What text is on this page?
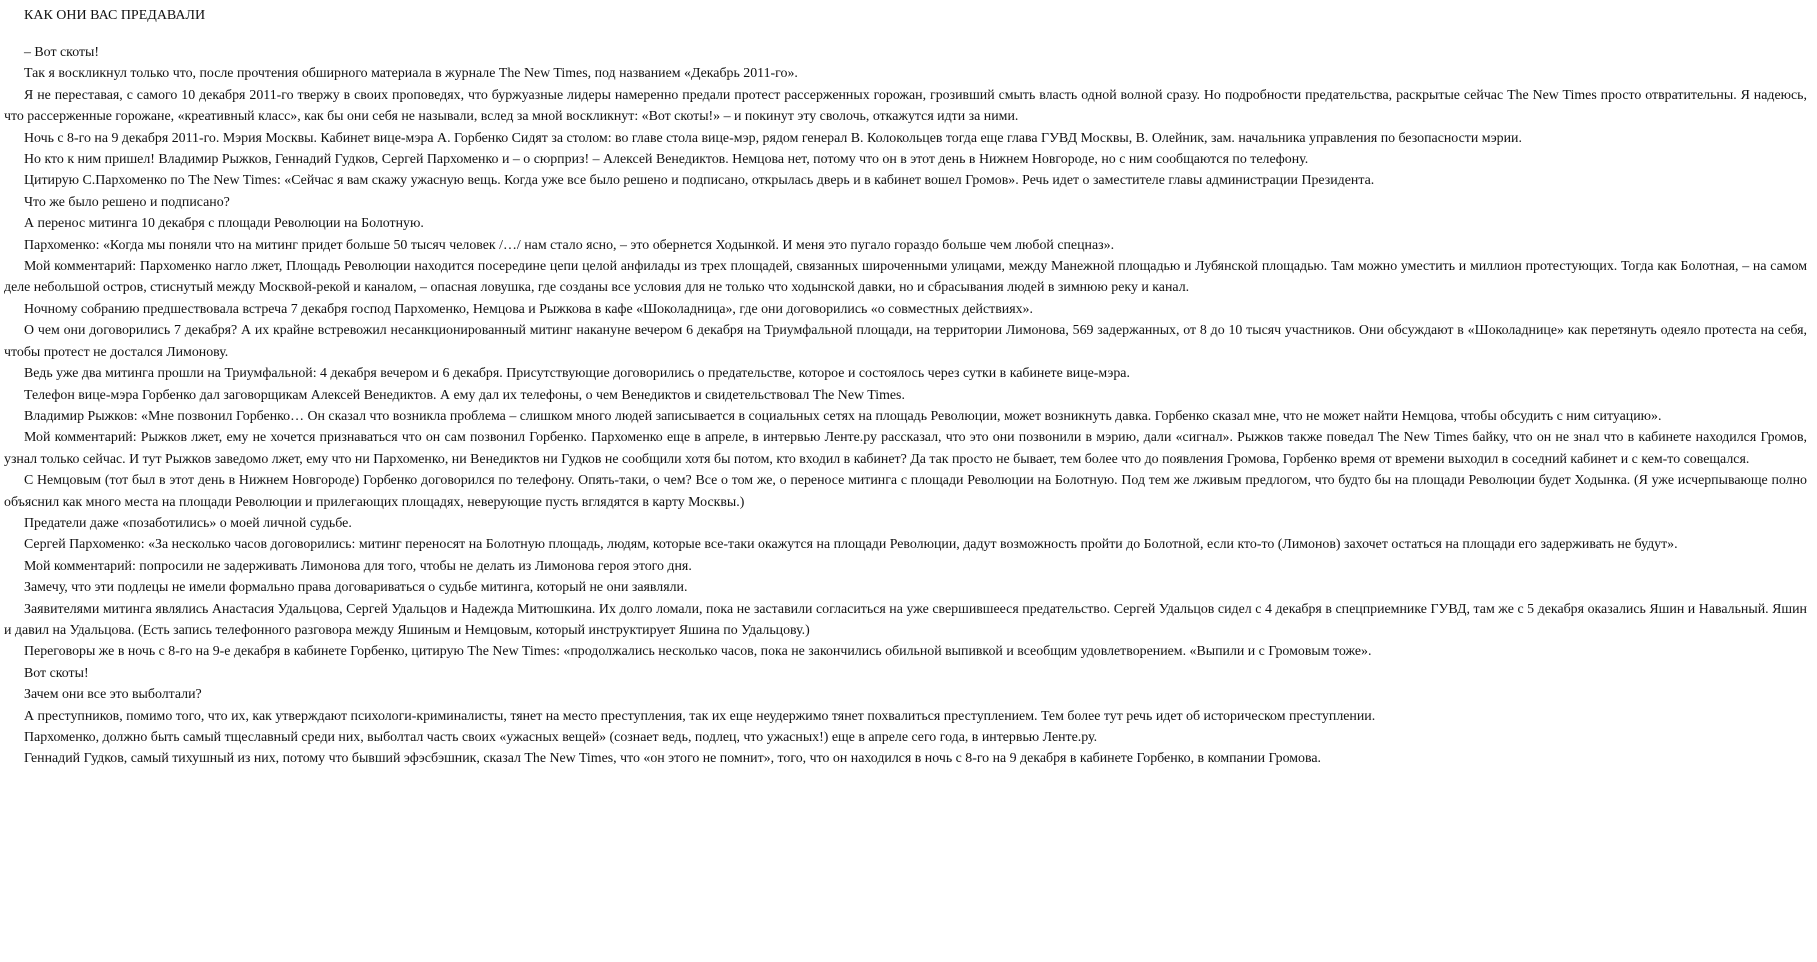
КАК ОНИ ВАС ПРЕДАВАЛИ

– Вот скоты!

Так я воскликнул только что, после прочтения обширного материала в журнале The New Times, под названием «Декабрь 2011-го».

Я не переставая, с самого 10 декабря 2011-го твержу в своих проповедях, что буржуазные лидеры намеренно предали протест рассерженных горожан, грозивший смыть власть одной волной сразу. Но подробности предательства, раскрытые сейчас The New Times просто отвратительны. Я надеюсь, что рассерженные горожане, «креативный класс», как бы они себя не называли, вслед за мной воскликнут: «Вот скоты!» – и покинут эту сволочь, откажутся идти за ними.

Ночь с 8-го на 9 декабря 2011-го. Мэрия Москвы. Кабинет вице-мэра А. Горбенко Сидят за столом: во главе стола вице-мэр, рядом генерал В. Колокольцев тогда еще глава ГУВД Москвы, В. Олейник, зам. начальника управления по безопасности мэрии.

Но кто к ним пришел! Владимир Рыжков, Геннадий Гудков, Сергей Пархоменко и – о сюрприз! – Алексей Венедиктов. Немцова нет, потому что он в этот день в Нижнем Новгороде, но с ним сообщаются по телефону.

Цитирую С.Пархоменко по The New Times: «Сейчас я вам скажу ужасную вещь. Когда уже все было решено и подписано, открылась дверь и в кабинет вошел Громов». Речь идет о заместителе главы администрации Президента.

Что же было решено и подписано?

А перенос митинга 10 декабря с площади Революции на Болотную.

Пархоменко: «Когда мы поняли что на митинг придет больше 50 тысяч человек /…/ нам стало ясно, – это обернется Ходынкой. И меня это пугало гораздо больше чем любой спецназ».

Мой комментарий: Пархоменко нагло лжет, Площадь Революции находится посередине цепи целой анфилады из трех площадей, связанных широченными улицами, между Манежной площадью и Лубянской площадью. Там можно уместить и миллион протестующих. Тогда как Болотная, – на самом деле небольшой остров, стиснутый между Москвой-рекой и каналом, – опасная ловушка, где созданы все условия для не только что ходынской давки, но и сбрасывания людей в зимнюю реку и канал.

Ночному собранию предшествовала встреча 7 декабря господ Пархоменко, Немцова и Рыжкова в кафе «Шоколадница», где они договорились «о совместных действиях».

О чем они договорились 7 декабря? А их крайне встревожил несанкционированный митинг накануне вечером 6 декабря на Триумфальной площади, на территории Лимонова, 569 задержанных, от 8 до 10 тысяч участников. Они обсуждают в «Шоколаднице» как перетянуть одеяло протеста на себя, чтобы протест не достался Лимонову.

Ведь уже два митинга прошли на Триумфальной: 4 декабря вечером и 6 декабря. Присутствующие договорились о предательстве, которое и состоялось через сутки в кабинете вице-мэра.

Телефон вице-мэра Горбенко дал заговорщикам Алексей Венедиктов. А ему дал их телефоны, о чем Венедиктов и свидетельствовал The New Times.

Владимир Рыжков: «Мне позвонил Горбенко… Он сказал что возникла проблема – слишком много людей записывается в социальных сетях на площадь Революции, может возникнуть давка. Горбенко сказал мне, что не может найти Немцова, чтобы обсудить с ним ситуацию».

Мой комментарий: Рыжков лжет, ему не хочется признаваться что он сам позвонил Горбенко. Пархоменко еще в апреле, в интервью Ленте.ру рассказал, что это они позвонили в мэрию, дали «сигнал». Рыжков также поведал The New Times байку, что он не знал что в кабинете находился Громов, узнал только сейчас. И тут Рыжков заведомо лжет, ему что ни Пархоменко, ни Венедиктов ни Гудков не сообщили хотя бы потом, кто входил в кабинет? Да так просто не бывает, тем более что до появления Громова, Горбенко время от времени выходил в соседний кабинет и с кем-то совещался.

С Немцовым (тот был в этот день в Нижнем Новгороде) Горбенко договорился по телефону. Опять-таки, о чем? Все о том же, о переносе митинга с площади Революции на Болотную. Под тем же лживым предлогом, что будто бы на площади Революции будет Ходынка. (Я уже исчерпывающе полно объяснил как много места на площади Революции и прилегающих площадях, неверующие пусть вглядятся в карту Москвы.)

Предатели даже «позаботились» о моей личной судьбе.

Сергей Пархоменко: «За несколько часов договорились: митинг переносят на Болотную площадь, людям, которые все-таки окажутся на площади Революции, дадут возможность пройти до Болотной, если кто-то (Лимонов) захочет остаться на площади его задерживать не будут».

Мой комментарий: попросили не задерживать Лимонова для того, чтобы не делать из Лимонова героя этого дня.

Замечу, что эти подлецы не имели формально права договариваться о судьбе митинга, который не они заявляли.

Заявителями митинга являлись Анастасия Удальцова, Сергей Удальцов и Надежда Митюшкина. Их долго ломали, пока не заставили согласиться на уже свершившееся предательство. Сергей Удальцов сидел с 4 декабря в спецприемнике ГУВД, там же с 5 декабря оказались Яшин и Навальный. Яшин и давил на Удальцова. (Есть запись телефонного разговора между Яшиным и Немцовым, который инструктирует Яшина по Удальцову.)

Переговоры же в ночь с 8-го на 9-е декабря в кабинете Горбенко, цитирую The New Times: «продолжались несколько часов, пока не закончились обильной выпивкой и всеобщим удовлетворением. «Выпили и с Громовым тоже».

Вот скоты!

Зачем они все это выболтали?

А преступников, помимо того, что их, как утверждают психологи-криминалисты, тянет на место преступления, так их еще неудержимо тянет похвалиться преступлением. Тем более тут речь идет об историческом преступлении.

Пархоменко, должно быть самый тщеславный среди них, выболтал часть своих «ужасных вещей» (сознает ведь, подлец, что ужасных!) еще в апреле сего года, в интервью Ленте.ру.

Геннадий Гудков, самый тихушный из них, потому что бывший эфэсбэшник, сказал The New Times, что «он этого не помнит», того, что он находился в ночь с 8-го на 9 декабря в кабинете Горбенко, в компании Громова.
